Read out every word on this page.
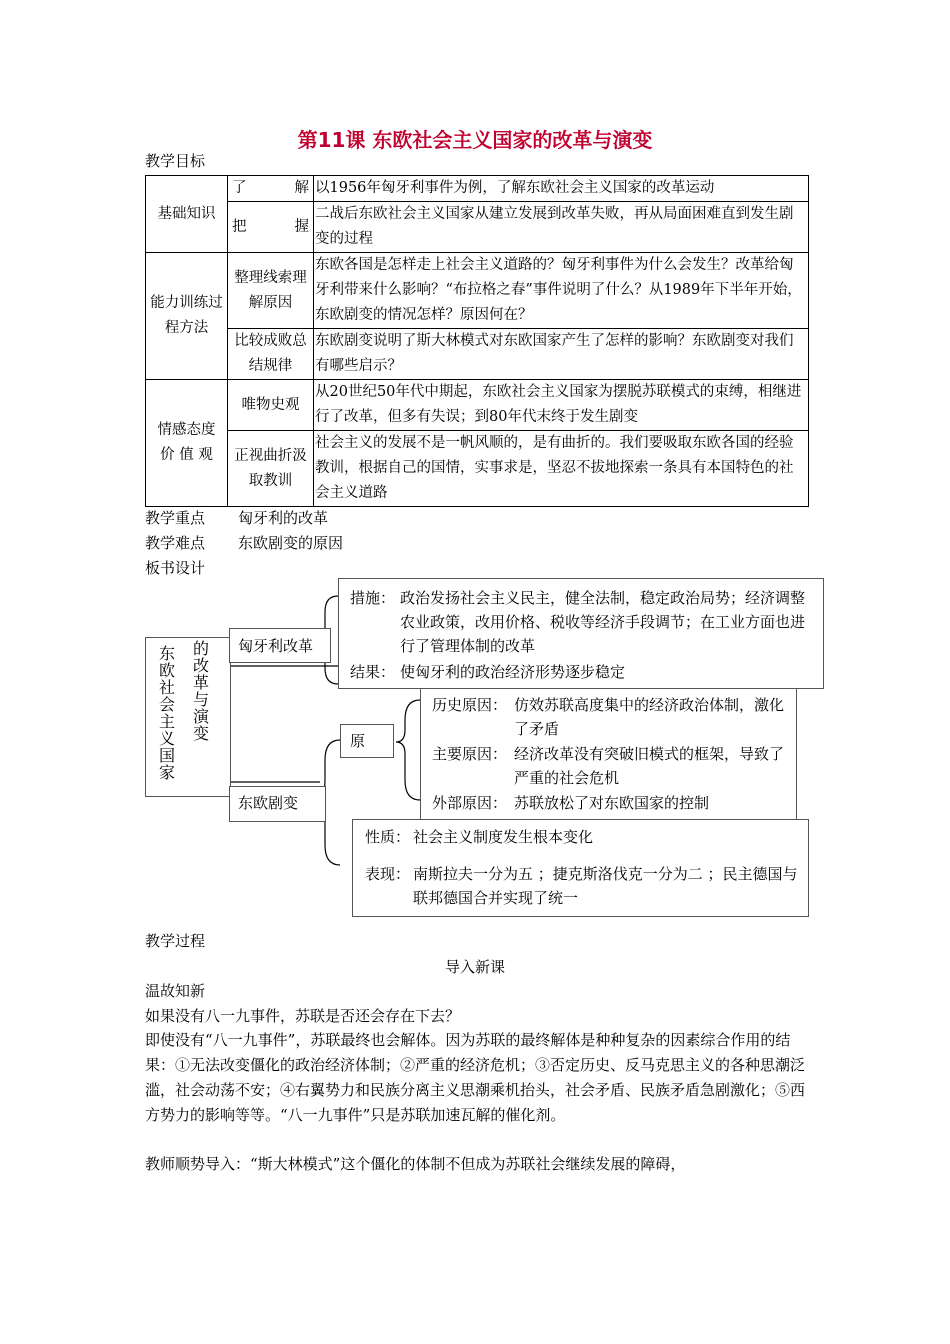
第11课 东欧社会主义国家的改革与演变
教学目标
基础知识	了解	以1956年匈牙利事件为例，了解东欧社会主义国家的改革运动
	把握	二战后东欧社会主义国家从建立发展到改革失败，再从局面困难直到发生剧变的过程
能力训练过程方法	整理线索理解原因	东欧各国是怎样走上社会主义道路的？匈牙利事件为什么会发生？改革给匈牙利带来什么影响？“布拉格之春”事件说明了什么？从1989年下半年开始，东欧剧变的情况怎样？原因何在？
	比较成败总结规律	东欧剧变说明了斯大林模式对东欧国家产生了怎样的影响？东欧剧变对我们有哪些启示？
情感态度价 值 观	唯物史观	从20世纪50年代中期起，东欧社会主义国家为摆脱苏联模式的束缚，相继进行了改革，但多有失误；到80年代末终于发生剧变
	正视曲折汲取教训	社会主义的发展不是一帆风顺的，是有曲折的。我们要吸取东欧各国的经验教训，根据自己的国情，实事求是，坚忍不拔地探索一条具有本国特色的社会主义道路
教学重点 匈牙利的改革
教学难点 东欧剧变的原因
板书设计
东欧社会主义国家
的改革与演变
匈牙利改革
措施： 政治发扬社会主义民主，健全法制，稳定政治局势；经济调整农业政策，改用价格、税收等经济手段调节；在工业方面也进行了管理体制的改革
结果： 使匈牙利的政治经济形势逐步稳定
东欧剧变
原
历史原因： 仿效苏联高度集中的经济政治体制，激化了矛盾
主要原因： 经济改革没有突破旧模式的框架，导致了严重的社会危机
外部原因： 苏联放松了对东欧国家的控制
性质： 社会主义制度发生根本变化
表现： 南斯拉夫一分为五 ；捷克斯洛伐克一分为二 ；民主德国与联邦德国合并实现了统一
教学过程
导入新课
温故知新
如果没有八一九事件，苏联是否还会存在下去？
即使没有“八一九事件”，苏联最终也会解体。因为苏联的最终解体是种种复杂的因素综合作用的结果：①无法改变僵化的政治经济体制；②严重的经济危机；③否定历史、反马克思主义的各种思潮泛滥，社会动荡不安；④右翼势力和民族分离主义思潮乘机抬头，社会矛盾、民族矛盾急剧激化；⑤西方势力的影响等等。“八一九事件”只是苏联加速瓦解的催化剂。
教师顺势导入：“斯大林模式”这个僵化的体制不但成为苏联社会继续发展的障碍，
